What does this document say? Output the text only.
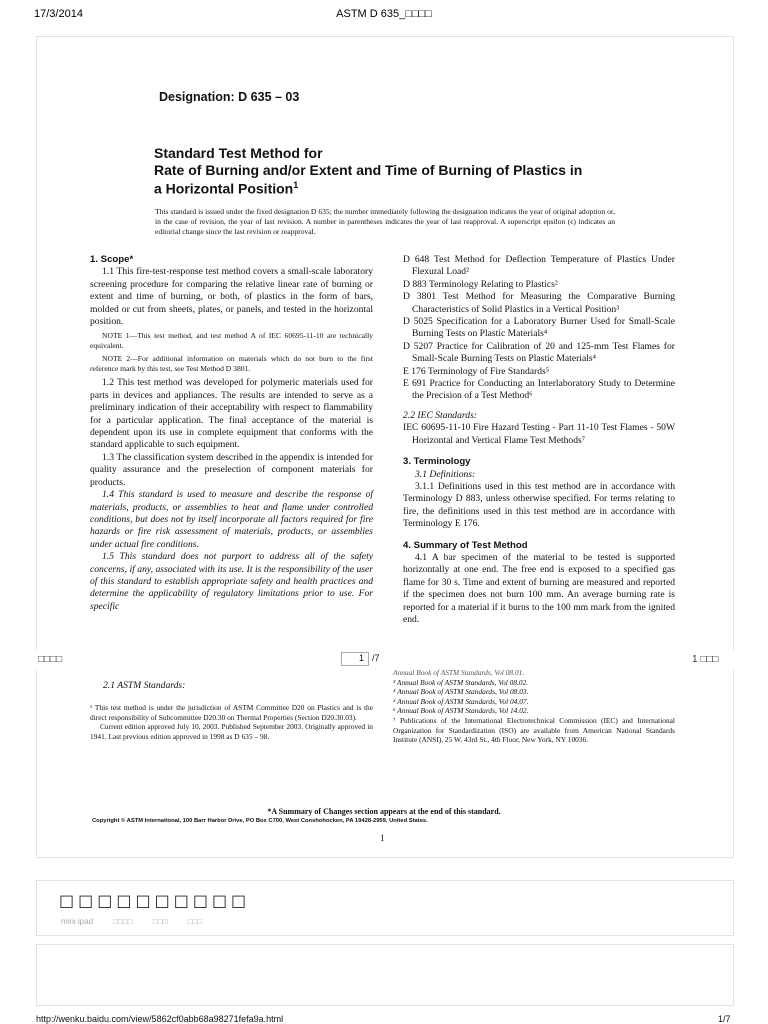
17/3/2014	ASTM D 635_□□□□
Designation: D 635 – 03
Standard Test Method for
Rate of Burning and/or Extent and Time of Burning of Plastics in a Horizontal Position$^1$
This standard is issued under the fixed designation D 635; the number immediately following the designation indicates the year of original adoption or, in the case of revision, the year of last revision. A number in parentheses indicates the year of last reapproval. A superscript epsilon (ϵ) indicates an editorial change since the last revision or reapproval.

1. Scope*

1.1 This fire-test-response test method covers a small-scale laboratory screening procedure for comparing the relative linear rate of burning or extent and time of burning, or both, of plastics in the form of bars, molded or cut from sheets, plates, or panels, and tested in the horizontal position.

NOTE 1—This test method, and test method A of IEC 60695-11-10 are technically equivalent.

NOTE 2—For additional information on materials which do not burn to the first reference mark by this test, see Test Method D 3801.

1.2 This test method was developed for polymeric materials used for parts in devices and appliances. The results are intended to serve as a preliminary indication of their acceptability with respect to flammability for a particular application. The final acceptance of the material is dependent upon its use in complete equipment that conforms with the standard applicable to such equipment.

1.3 The classification system described in the appendix is intended for quality assurance and the preselection of component materials for products.

1.4 This standard is used to measure and describe the response of materials, products, or assemblies to heat and flame under controlled conditions, but does not by itself incorporate all factors required for fire hazards or fire risk assessment of materials, products, or assemblies under actual fire conditions.

1.5 This standard does not purport to address all of the safety concerns, if any, associated with its use. It is the responsibility of the user of this standard to establish appropriate safety and health practices and determine the applicability of regulatory limitations prior to use. For specific

D 648 Test Method for Deflection Temperature of Plastics Under Flexural Load²

D 883 Terminology Relating to Plastics²

D 3801 Test Method for Measuring the Comparative Burning Characteristics of Solid Plastics in a Vertical Position³

D 5025 Specification for a Laboratory Burner Used for Small-Scale Burning Tests on Plastic Materials⁴

D 5207 Practice for Calibration of 20 and 125-mm Test Flames for Small-Scale Burning Tests on Plastic Materials⁴

E 176 Terminology of Fire Standards⁵

E 691 Practice for Conducting an Interlaboratory Study to Determine the Precision of a Test Method⁶

2.2 IEC Standards:

IEC 60695-11-10 Fire Hazard Testing - Part 11-10 Test Flames - 50W Horizontal and Vertical Flame Test Methods⁷

3. Terminology

3.1 Definitions:

3.1.1 Definitions used in this test method are in accordance with Terminology D 883, unless otherwise specified. For terms relating to fire, the definitions used in this test method are in accordance with Terminology E 176.

4. Summary of Test Method

4.1 A bar specimen of the material to be tested is supported horizontally at one end. The free end is exposed to a specified gas flame for 30 s. Time and extent of burning are measured and reported if the specimen does not burn 100 mm. An average burning rate is reported for a material if it burns to the 100 mm mark from the ignited end.

□□□□	1 /7	1 □□□
2.1 ASTM Standards:

¹ This test method is under the jurisdiction of ASTM Committee D20 on Plastics and is the direct responsibility of Subcommittee D20.30 on Thermal Properties (Section D20.30.03).

Current edition approved July 10, 2003. Published September 2003. Originally approved in 1941. Last previous edition approved in 1998 as D 635 – 98.

Annual Book of ASTM Standards, Vol 08.01.

³ Annual Book of ASTM Standards, Vol 08.02.

⁴ Annual Book of ASTM Standards, Vol 08.03.

⁵ Annual Book of ASTM Standards, Vol 04.07.

⁶ Annual Book of ASTM Standards, Vol 14.02.

⁷ Publications of the International Electrotechnical Commission (IEC) and International Organization for Standardization (ISO) are available from American National Standards Institute (ANSI), 25 W. 43rd St., 4th Floor, New York, NY 10036.

*A Summary of Changes section appears at the end of this standard.
Copyright © ASTM International, 100 Barr Harbor Drive, PO Box C700, West Conshohocken, PA 19428-2959, United States.
1
□□□□□□□□□□
mini ipad	□□□□	□□□	□□□
http://wenku.baidu.com/view/5862cf0abb68a98271fefa9a.html	1/7
